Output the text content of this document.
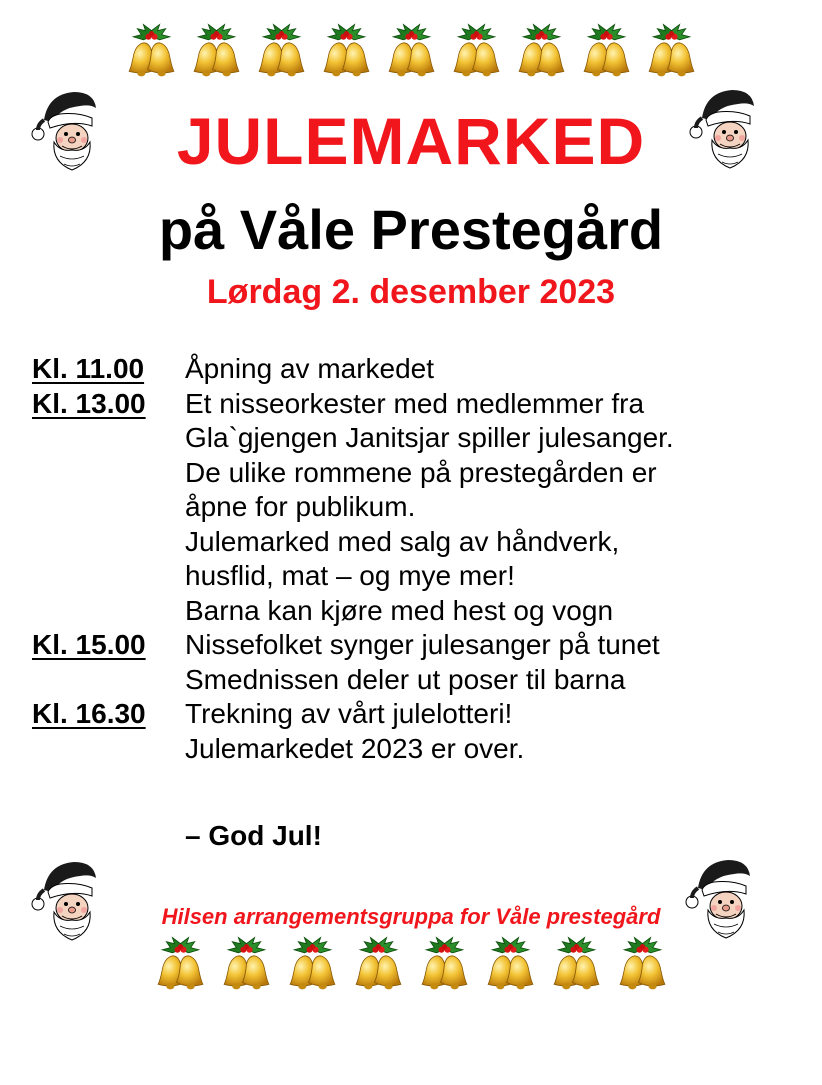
JULEMARKED
på Våle Prestegård
Lørdag 2. desember 2023
Kl. 11.00	Åpning av markedet
Kl. 13.00	Et nisseorkester med medlemmer fra
Gla`gjengen Janitsjar spiller julesanger.
De ulike rommene på prestegården er
åpne for publikum.
Julemarked med salg av håndverk,
husflid, mat – og mye mer!
Barna kan kjøre med hest og vogn
Kl. 15.00	Nissefolket synger julesanger på tunet
Smednissen deler ut poser til barna
Kl. 16.30	Trekning av vårt julelotteri!
Julemarkedet 2023 er over.
– God Jul!
Hilsen arrangementsgruppa for Våle prestegård
